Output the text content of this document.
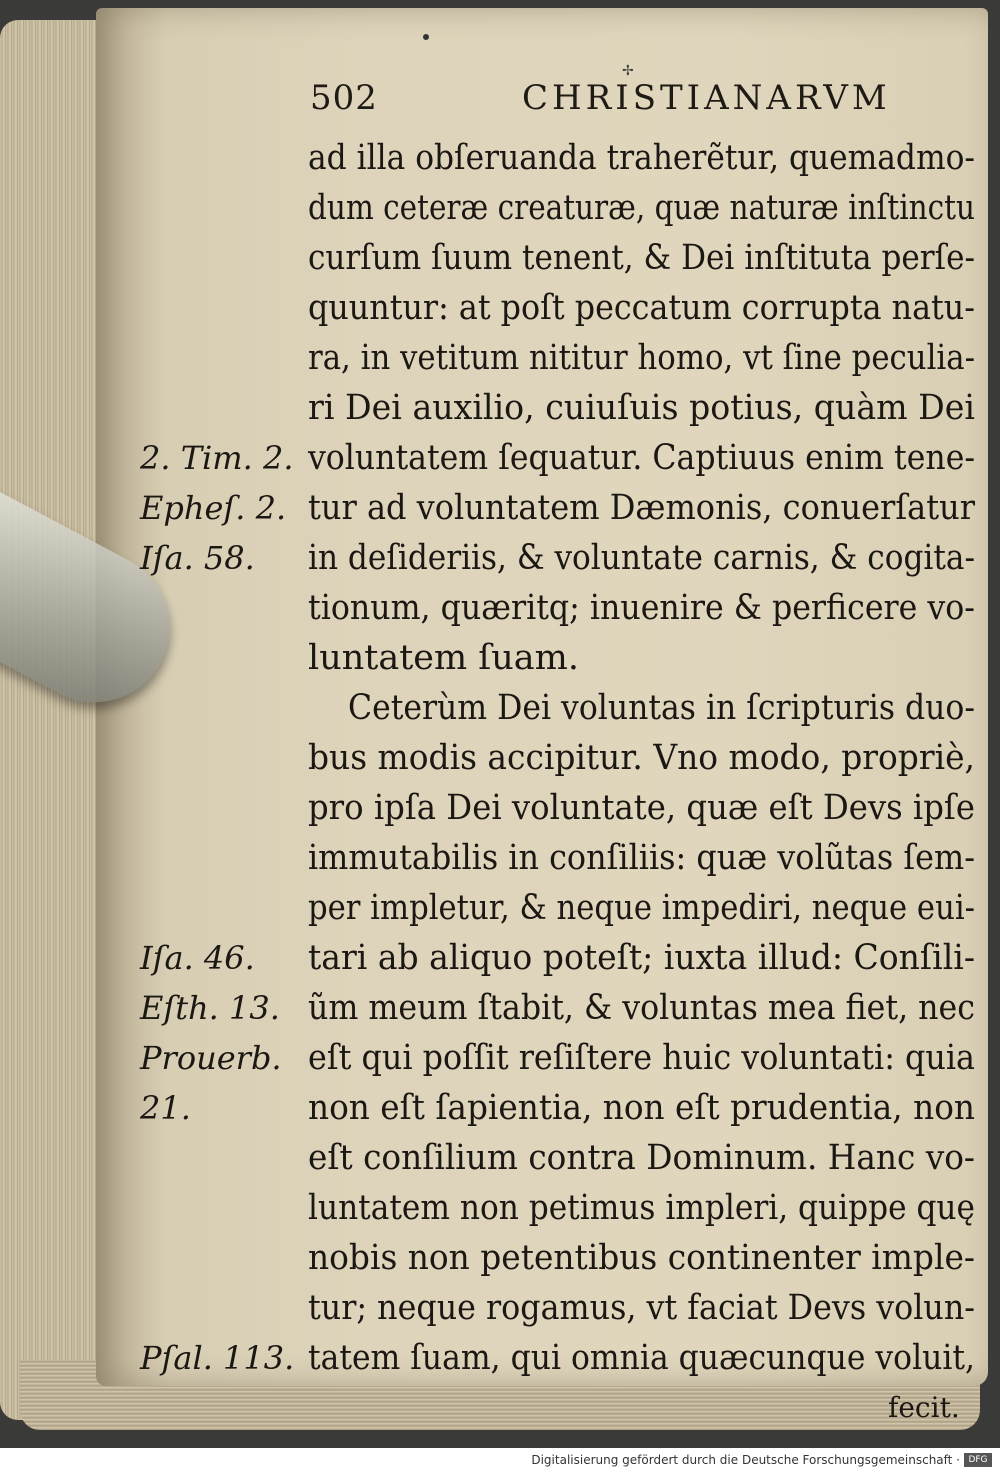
✢
502	CHRISTIANARVM
ad illa obſeruanda traherẽtur, quemadmo-
dum ceteræ creaturæ, quæ naturæ inſtinctu
curſum ſuum tenent, & Dei inſtituta perſe-
quuntur: at poſt peccatum corrupta natu-
ra, in vetitum nititur homo, vt ſine peculia-
ri Dei auxilio, cuiuſuis potius, quàm Dei
voluntatem ſequatur. Captiuus enim tene-
tur ad voluntatem Dæmonis, conuerſatur
in deſideriis, & voluntate carnis, & cogita-
tionum, quæritq; inuenire & perficere vo-
luntatem ſuam.
Ceterùm Dei voluntas in ſcripturis duo-
bus modis accipitur. Vno modo, propriè,
pro ipſa Dei voluntate, quæ eſt Devs ipſe
immutabilis in conſiliis: quæ volũtas ſem-
per impletur, & neque impediri, neque eui-
tari ab aliquo poteſt; iuxta illud: Conſili-
ũm meum ſtabit, & voluntas mea fiet, nec
eſt qui poſſit reſiſtere huic voluntati: quia
non eſt ſapientia, non eſt prudentia, non
eſt conſilium contra Dominum. Hanc vo-
luntatem non petimus impleri, quippe quę
nobis non petentibus continenter imple-
tur; neque rogamus, vt faciat Devs volun-
tatem ſuam, qui omnia quæcunque voluit,
fecit.
2. Tim. 2.
Epheſ. 2.
Iſa. 58.
Iſa. 46.
Eſth. 13.
Prouerb.
21.
Pſal. 113.
Digitalisierung gefördert durch die Deutsche Forschungsgemeinschaft · DFG
